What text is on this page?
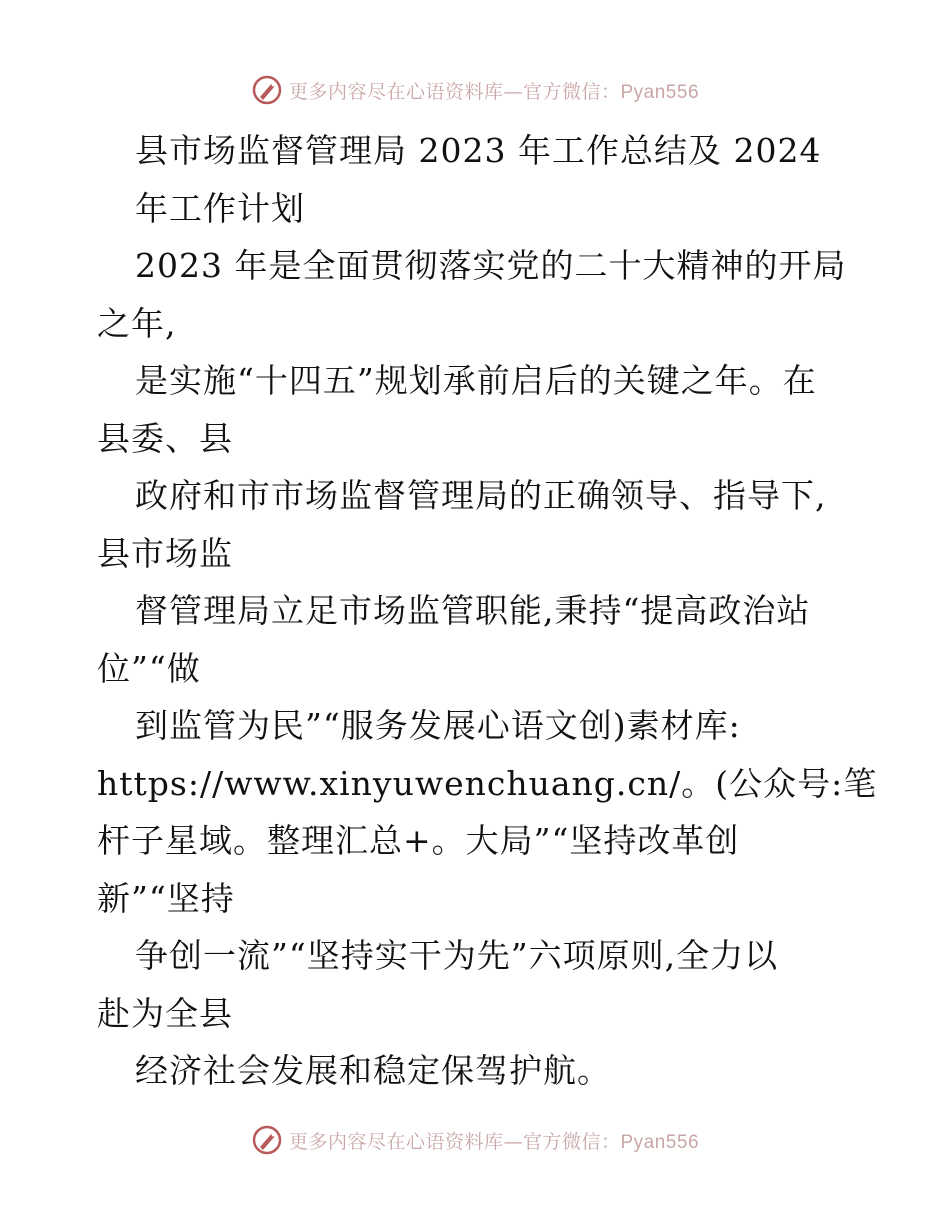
更多内容尽在心语资料库—官方微信：Pyan556
县市场监督管理局 2023 年工作总结及 2024
年工作计划
2023 年是全面贯彻落实党的二十大精神的开局
之年,
是实施“十四五”规划承前启后的关键之年。在
县委、县
政府和市市场监督管理局的正确领导、指导下,
县市场监
督管理局立足市场监管职能,秉持“提高政治站
位”“做
到监管为民”“服务发展心语文创)素材库:
https://www.xinyuwenchuang.cn/。(公众号:笔
杆子星域。整理汇总+。大局”“坚持改革创
新”“坚持
争创一流”“坚持实干为先”六项原则,全力以
赴为全县
经济社会发展和稳定保驾护航。
更多内容尽在心语资料库—官方微信：Pyan556
